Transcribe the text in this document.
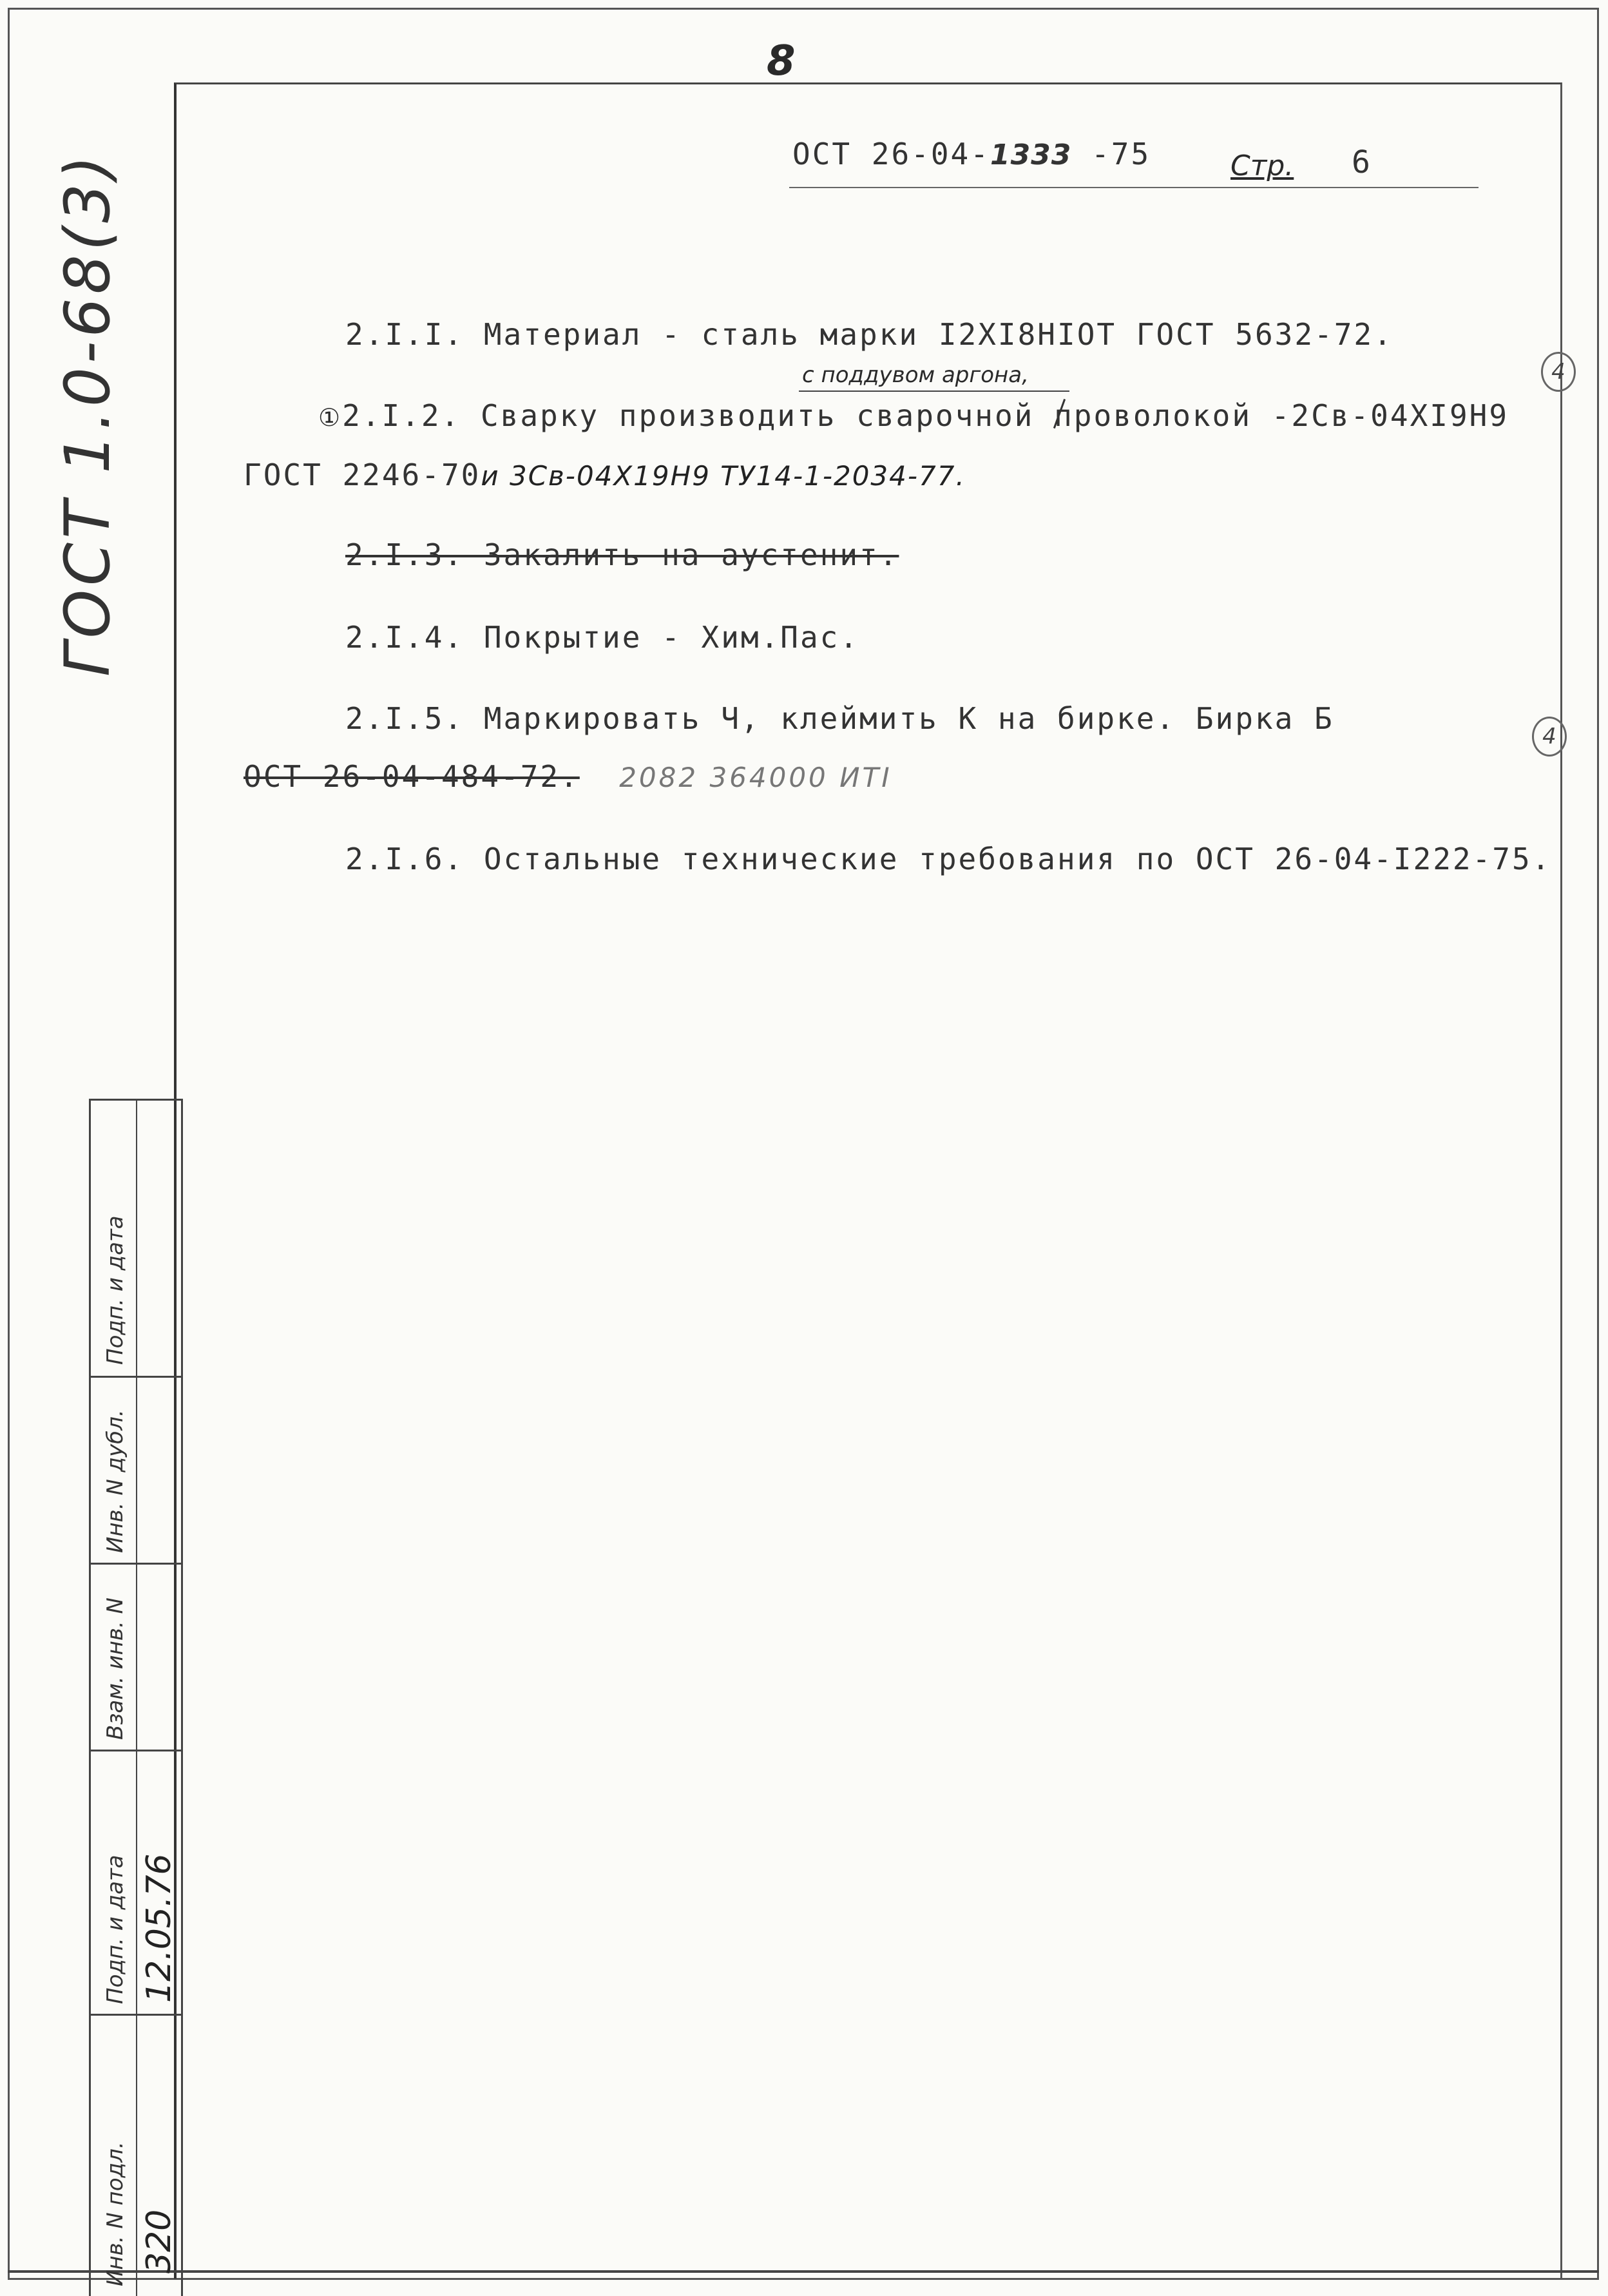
8
ОСТ 26-04-1333 -75	Стр. 6
ГОСТ 1.0-68(3)	2.I.I. Материал - сталь марки I2XI8HIOT ГОСТ 5632-72.
с поддувом аргона,
①2.I.2. Сварку производить сварочной проволокой -2Св-04XI9H9
ГОСТ 2246-70и 3Св-04Х19Н9 ТУ14-1-2034-77.
2.I.3. Закалить на аустенит.
2.I.4. Покрытие - Хим.Пас.
2.I.5. Маркировать Ч, клеймить К на бирке. Бирка Б
ОСТ 26-04-484-72. 2082 364000 ИТI
2.I.6. Остальные технические требования по ОСТ 26-04-I222-75.
4
4
Подп. и дата
Инв. N дубл.
Взам. инв. N
Подп. и дата 12.05.76
Инв. N подл. 320
